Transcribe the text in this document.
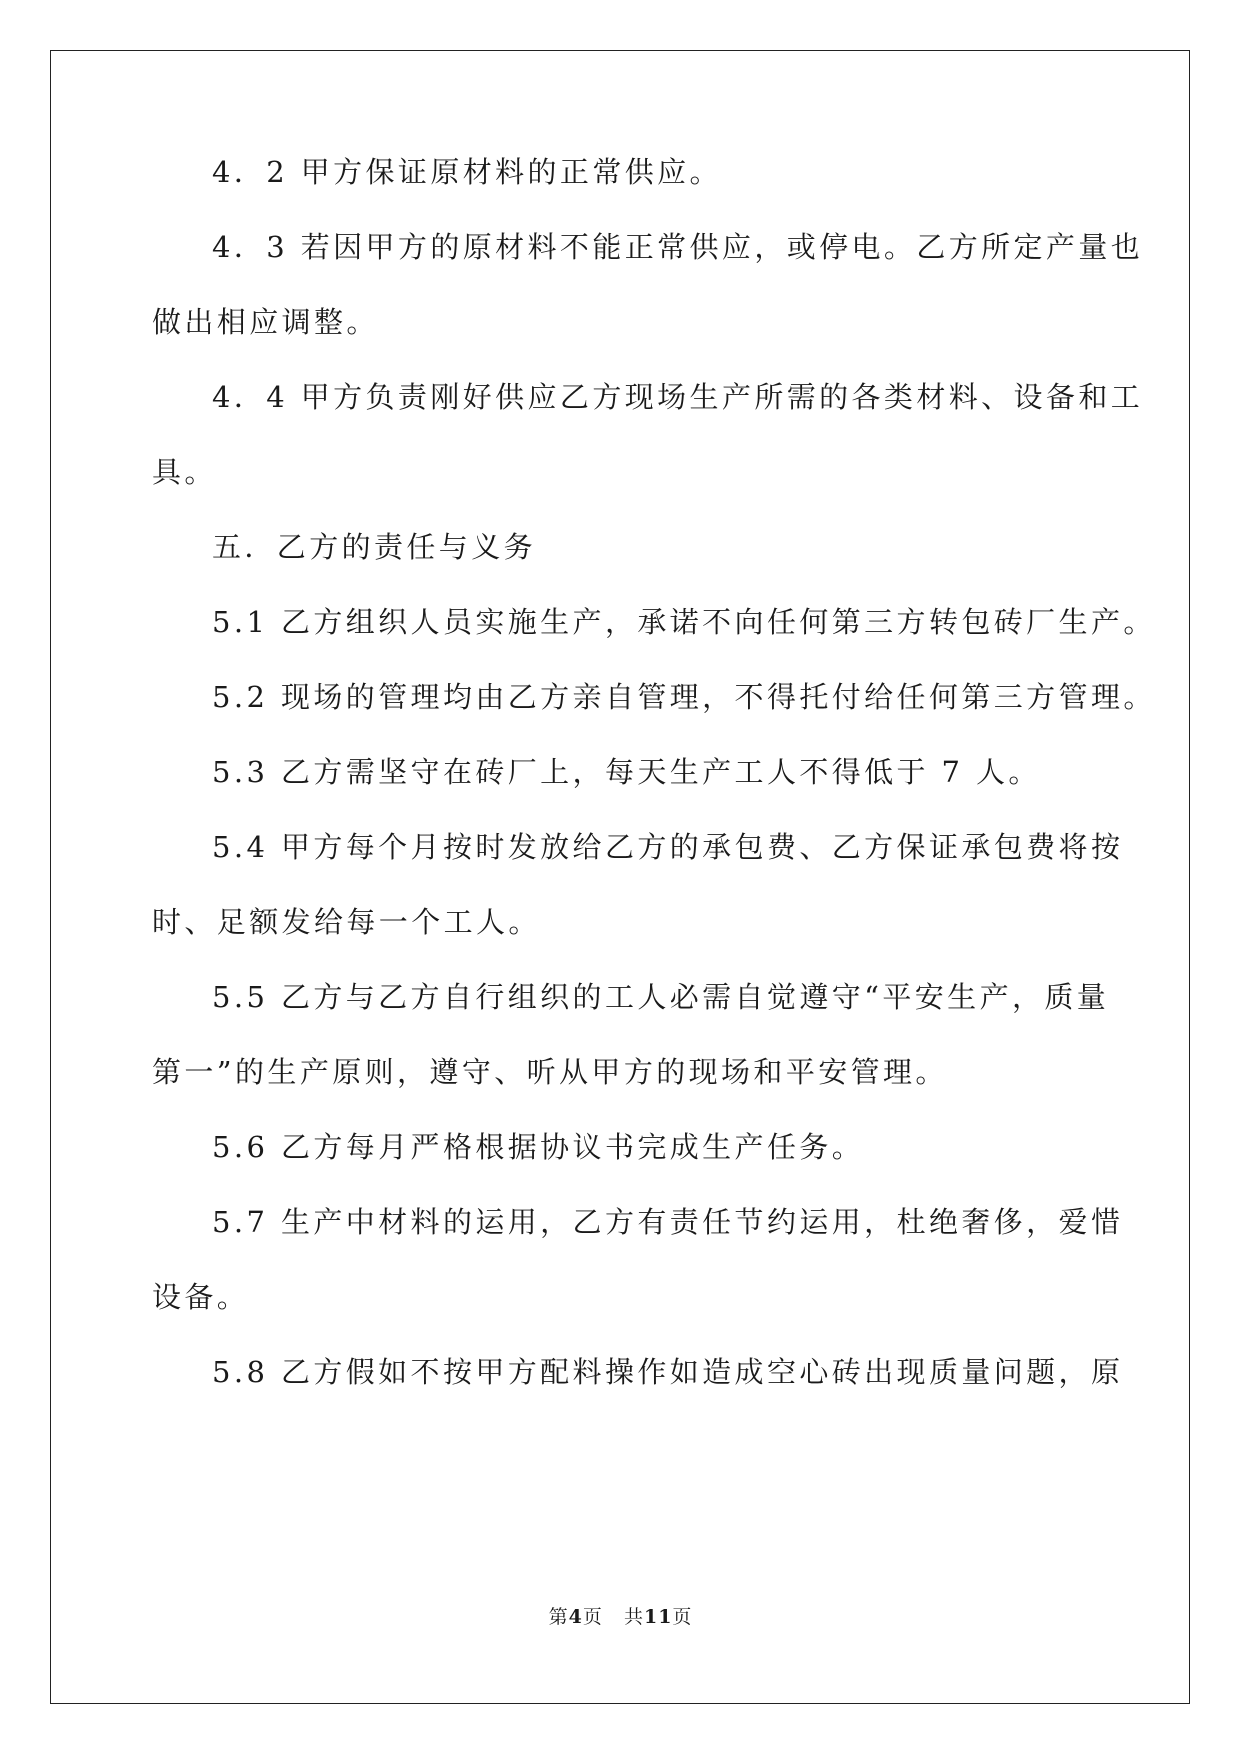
4．2 甲方保证原材料的正常供应。
4．3 若因甲方的原材料不能正常供应，或停电。乙方所定产量也
做出相应调整。
4．4 甲方负责刚好供应乙方现场生产所需的各类材料、设备和工
具。
五．乙方的责任与义务
5.1 乙方组织人员实施生产，承诺不向任何第三方转包砖厂生产。
5.2 现场的管理均由乙方亲自管理，不得托付给任何第三方管理。
5.3 乙方需坚守在砖厂上，每天生产工人不得低于 7 人。
5.4 甲方每个月按时发放给乙方的承包费、乙方保证承包费将按
时、足额发给每一个工人。
5.5 乙方与乙方自行组织的工人必需自觉遵守“平安生产，质量
第一”的生产原则，遵守、听从甲方的现场和平安管理。
5.6 乙方每月严格根据协议书完成生产任务。
5.7 生产中材料的运用，乙方有责任节约运用，杜绝奢侈，爱惜
设备。
5.8 乙方假如不按甲方配料操作如造成空心砖出现质量问题，原
第4页 共11页
